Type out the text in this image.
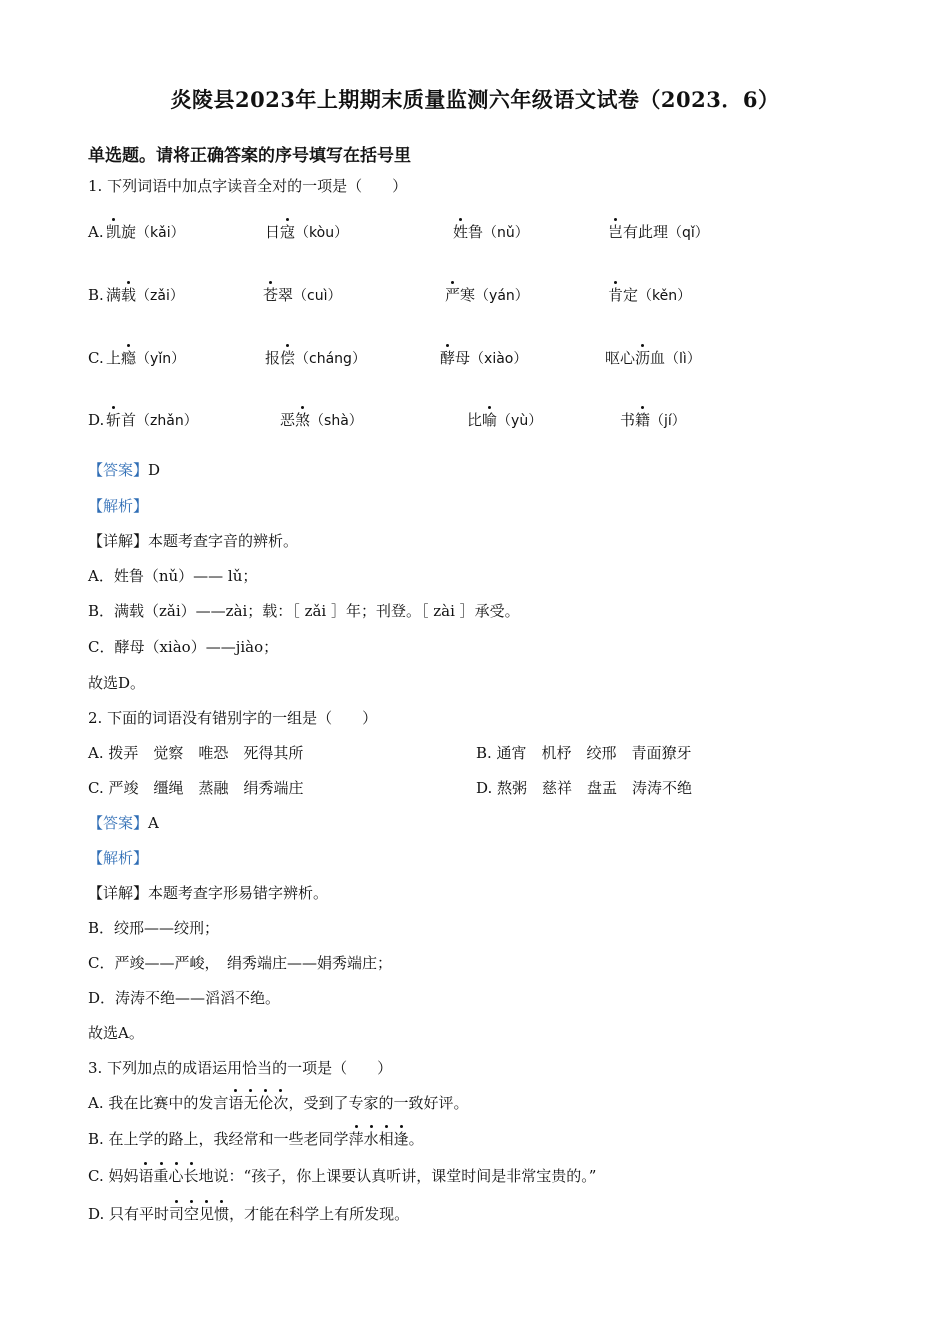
炎陵县2023年上期期末质量监测六年级语文试卷（2023．6）
单选题。请将正确答案的序号填写在括号里
1. 下列词语中加点字读音全对的一项是（　　）
A. 凯旋（kǎi）	日寇（kòu）	姓鲁（nǔ）	岂有此理（qǐ）
B. 满载（zǎi）	苍翠（cuì）	严寒（yán）	肯定（kěn）
C. 上瘾（yǐn）	报偿（cháng）	酵母（xiào）	呕心沥血（lì）
D. 斩首（zhǎn）	恶煞（shà）	比喻（yù）	书籍（jí）
【答案】D
【解析】
【详解】本题考查字音的辨析。
A．姓鲁（nǔ）—— lǔ；
B．满载（zǎi）——zài；载：［ zǎi ］年；刊登。［ zài ］承受。
C．酵母（xiào）——jiào；
故选D。
2. 下面的词语没有错别字的一组是（　　）
A. 拨弄　觉察　唯恐　死得其所	B. 通宵　机杼　绞邢　青面獠牙
C. 严竣　缰绳　蒸融　绢秀端庄	D. 熬粥　慈祥　盘盂　涛涛不绝
【答案】A
【解析】
【详解】本题考查字形易错字辨析。
B．绞邢——绞刑；
C．严竣——严峻，　绢秀端庄——娟秀端庄；
D．涛涛不绝——滔滔不绝。
故选A。
3. 下列加点的成语运用恰当的一项是（　　）
A. 我在比赛中的发言语无伦次，受到了专家的一致好评。
B. 在上学的路上，我经常和一些老同学萍水相逢。
C. 妈妈语重心长地说：“孩子，你上课要认真听讲，课堂时间是非常宝贵的。”
D. 只有平时司空见惯，才能在科学上有所发现。
